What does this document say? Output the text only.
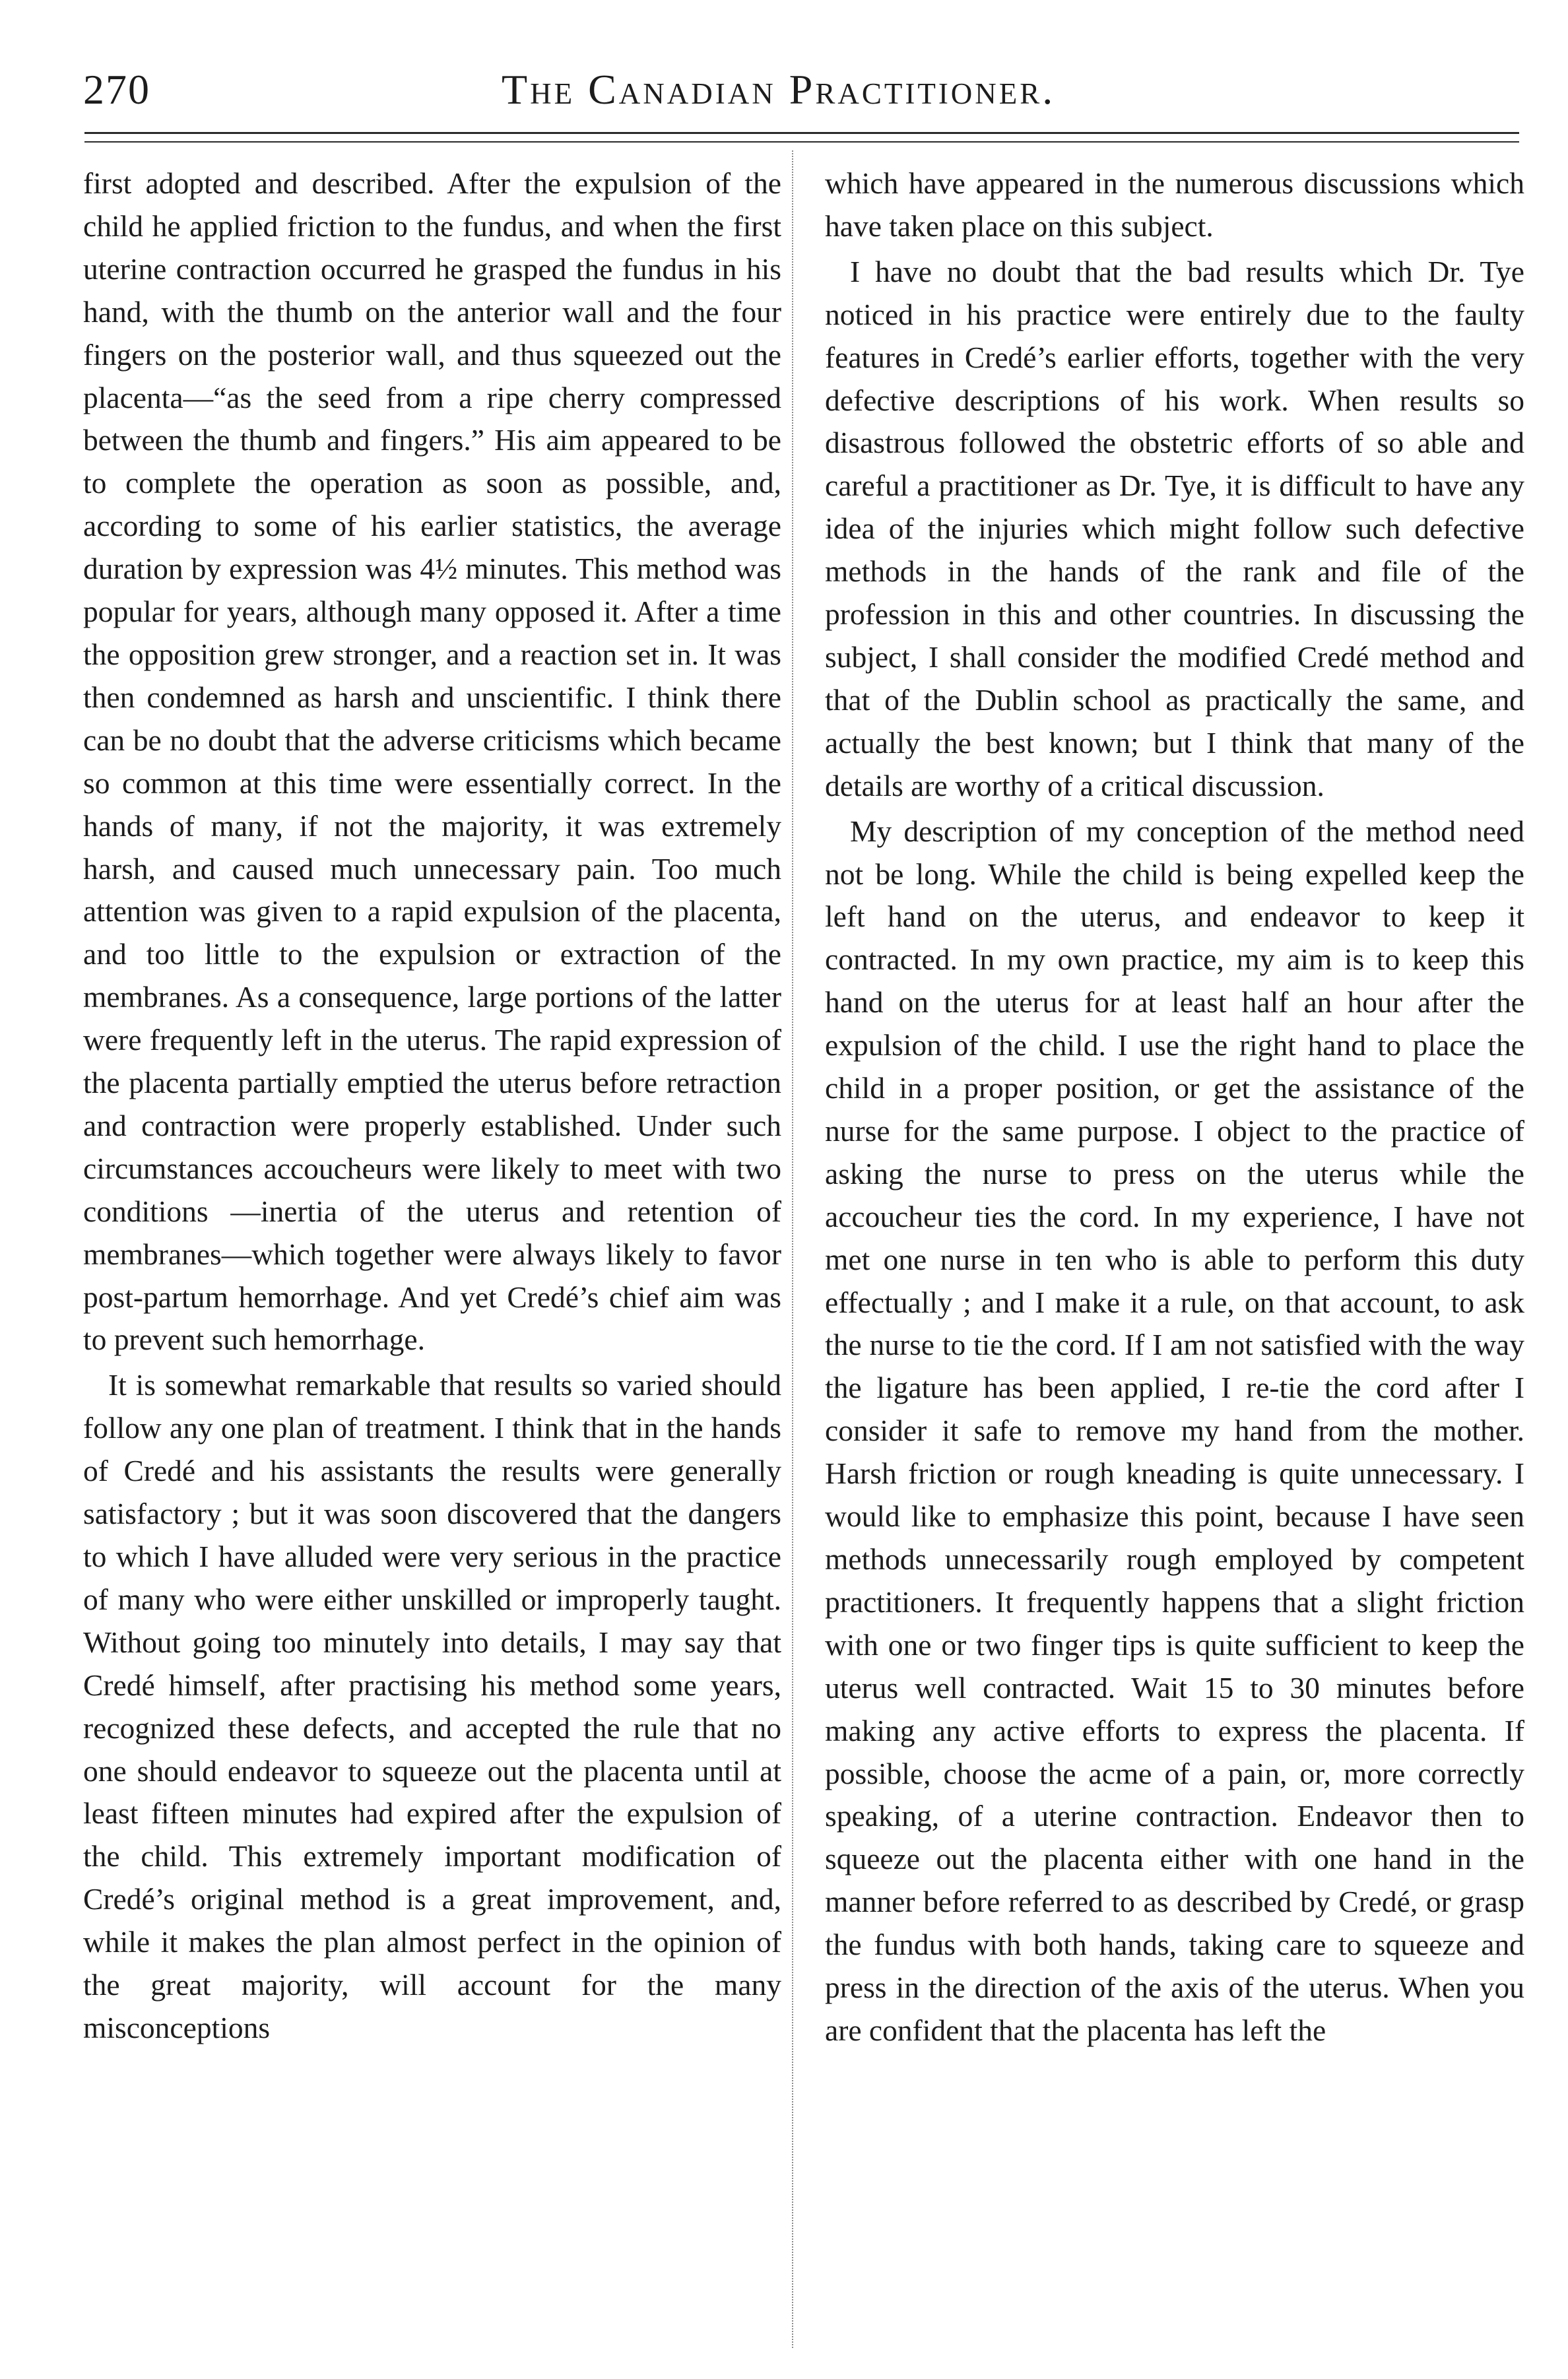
270	The Canadian Practitioner.

first adopted and described. After the expulsion of the child he applied friction to the fundus, and when the first uterine contraction occurred he grasped the fundus in his hand, with the thumb on the anterior wall and the four fingers on the posterior wall, and thus squeezed out the placenta—“as the seed from a ripe cherry compressed between the thumb and fingers.” His aim appeared to be to complete the operation as soon as possible, and, according to some of his earlier statistics, the average duration by expression was 4½ minutes. This method was popular for years, although many opposed it. After a time the opposition grew stronger, and a reaction set in. It was then condemned as harsh and unscientific. I think there can be no doubt that the adverse criticisms which became so common at this time were essentially correct. In the hands of many, if not the majority, it was extremely harsh, and caused much unnecessary pain. Too much attention was given to a rapid expulsion of the placenta, and too little to the expulsion or extraction of the membranes. As a consequence, large portions of the latter were frequently left in the uterus. The rapid expression of the placenta partially emptied the uterus before retraction and contraction were properly established. Under such circumstances accoucheurs were likely to meet with two conditions —inertia of the uterus and retention of membranes—which together were always likely to favor post-partum hemorrhage. And yet Credé’s chief aim was to prevent such hemorrhage.

It is somewhat remarkable that results so varied should follow any one plan of treatment. I think that in the hands of Credé and his assistants the results were generally satisfactory ; but it was soon discovered that the dangers to which I have alluded were very serious in the practice of many who were either unskilled or improperly taught. Without going too minutely into details, I may say that Credé himself, after practising his method some years, recognized these defects, and accepted the rule that no one should endeavor to squeeze out the placenta until at least fifteen minutes had expired after the expulsion of the child. This extremely important modification of Credé’s original method is a great improvement, and, while it makes the plan almost perfect in the opinion of the great majority, will account for the many misconceptions

which have appeared in the numerous discussions which have taken place on this subject.

I have no doubt that the bad results which Dr. Tye noticed in his practice were entirely due to the faulty features in Credé’s earlier efforts, together with the very defective descriptions of his work. When results so disastrous followed the obstetric efforts of so able and careful a practitioner as Dr. Tye, it is difficult to have any idea of the injuries which might follow such defective methods in the hands of the rank and file of the profession in this and other countries. In discussing the subject, I shall consider the modified Credé method and that of the Dublin school as practically the same, and actually the best known; but I think that many of the details are worthy of a critical discussion.

My description of my conception of the method need not be long. While the child is being expelled keep the left hand on the uterus, and endeavor to keep it contracted. In my own practice, my aim is to keep this hand on the uterus for at least half an hour after the expulsion of the child. I use the right hand to place the child in a proper position, or get the assistance of the nurse for the same purpose. I object to the practice of asking the nurse to press on the uterus while the accoucheur ties the cord. In my experience, I have not met one nurse in ten who is able to perform this duty effectually ; and I make it a rule, on that account, to ask the nurse to tie the cord. If I am not satisfied with the way the ligature has been applied, I re-tie the cord after I consider it safe to remove my hand from the mother. Harsh friction or rough kneading is quite unnecessary. I would like to emphasize this point, because I have seen methods unnecessarily rough employed by competent practitioners. It frequently happens that a slight friction with one or two finger tips is quite sufficient to keep the uterus well contracted. Wait 15 to 30 minutes before making any active efforts to express the placenta. If possible, choose the acme of a pain, or, more correctly speaking, of a uterine contraction. Endeavor then to squeeze out the placenta either with one hand in the manner before referred to as described by Credé, or grasp the fundus with both hands, taking care to squeeze and press in the direction of the axis of the uterus. When you are confident that the placenta has left the
